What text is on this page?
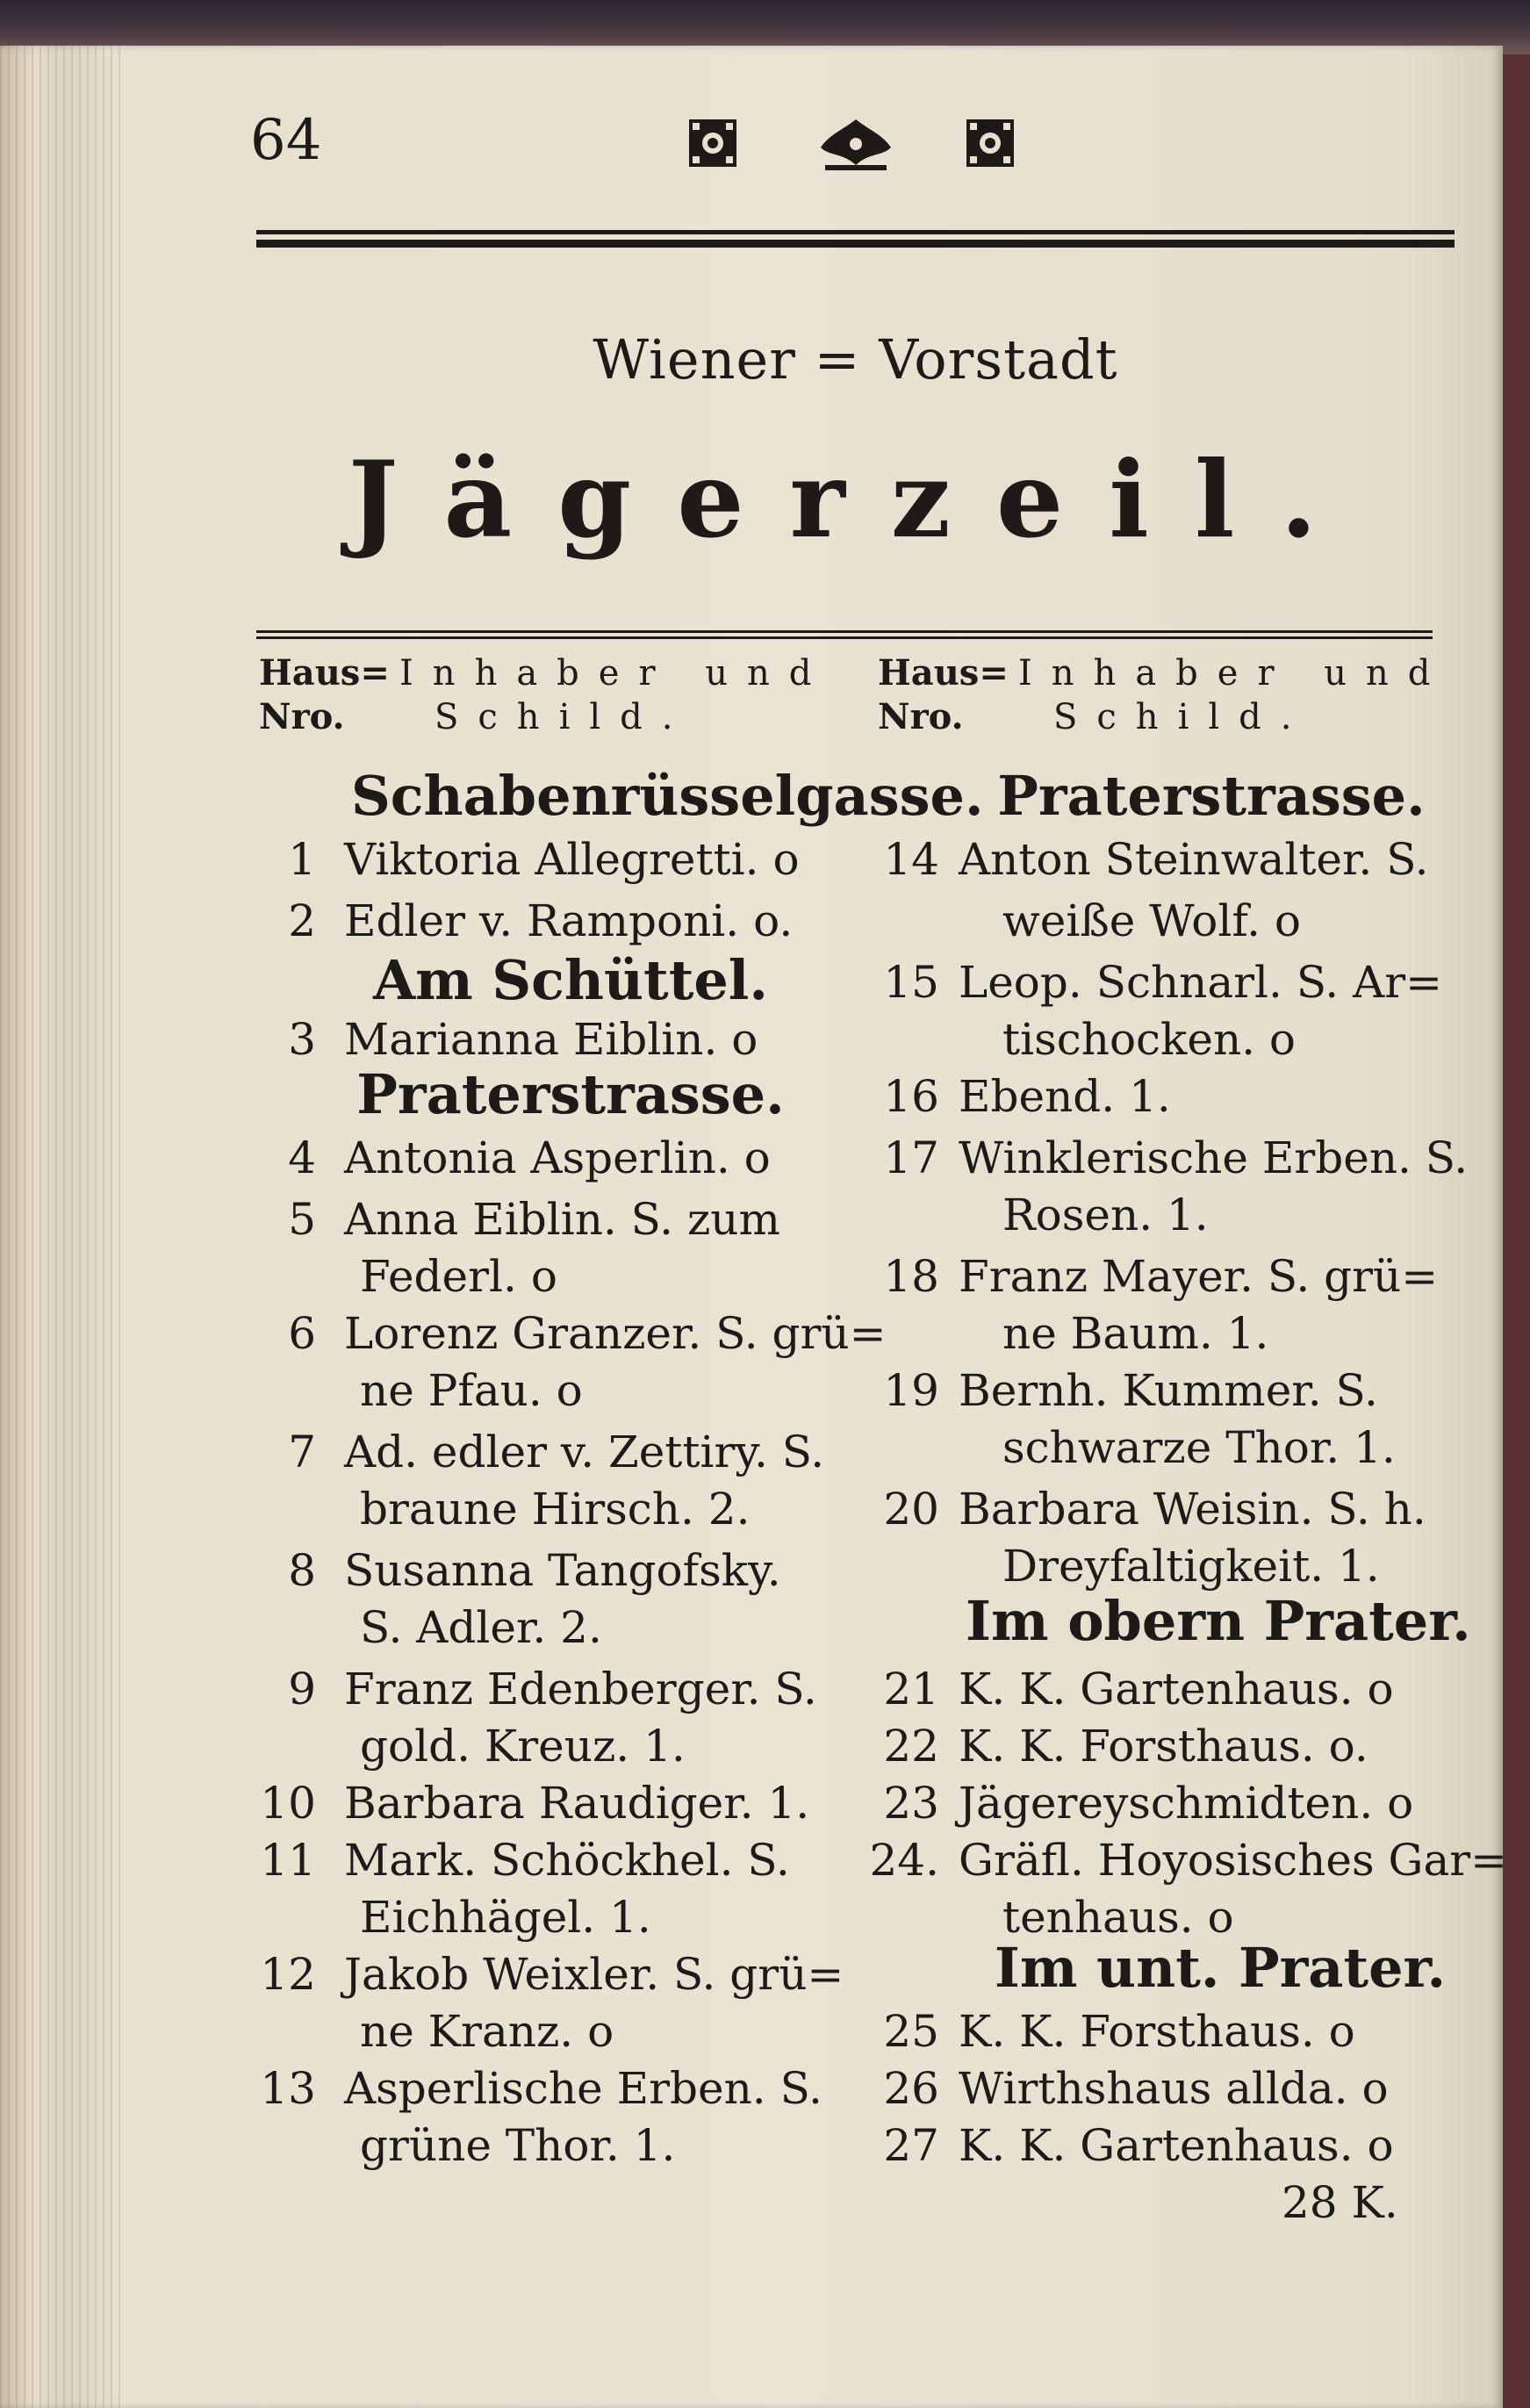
64
Wiener = Vorstadt
Jägerzeil.
Haus= Nro.
Inhaber und
Schild.
Haus= Nro.
Inhaber und
Schild.
Schabenrüsselgasse.
1 Viktoria Allegretti. o
2 Edler v. Ramponi. o.
Am Schüttel.
3 Marianna Eiblin. o
Praterstrasse.
4 Antonia Asperlin. o
5 Anna Eiblin. S. zum
Federl. o
6 Lorenz Granzer. S. grü=
ne Pfau. o
7 Ad. edler v. Zettiry. S.
braune Hirsch. 2.
8 Susanna Tangofsky.
S. Adler. 2.
9 Franz Edenberger. S.
gold. Kreuz. 1.
10 Barbara Raudiger. 1.
11 Mark. Schöckhel. S.
Eichhägel. 1.
12 Jakob Weixler. S. grü=
ne Kranz. o
13 Asperlische Erben. S.
grüne Thor. 1.
Praterstrasse.
14 Anton Steinwalter. S.
weiße Wolf. o
15 Leop. Schnarl. S. Ar=
tischocken. o
16 Ebend. 1.
17 Winklerische Erben. S.
Rosen. 1.
18 Franz Mayer. S. grü=
ne Baum. 1.
19 Bernh. Kummer. S.
schwarze Thor. 1.
20 Barbara Weisin. S. h.
Dreyfaltigkeit. 1.
Im obern Prater.
21 K. K. Gartenhaus. o
22 K. K. Forsthaus. o.
23 Jägereyschmidten. o
24. Gräfl. Hoyosisches Gar=
tenhaus. o
Im unt. Prater.
25 K. K. Forsthaus. o
26 Wirthshaus allda. o
27 K. K. Gartenhaus. o
28 K.
